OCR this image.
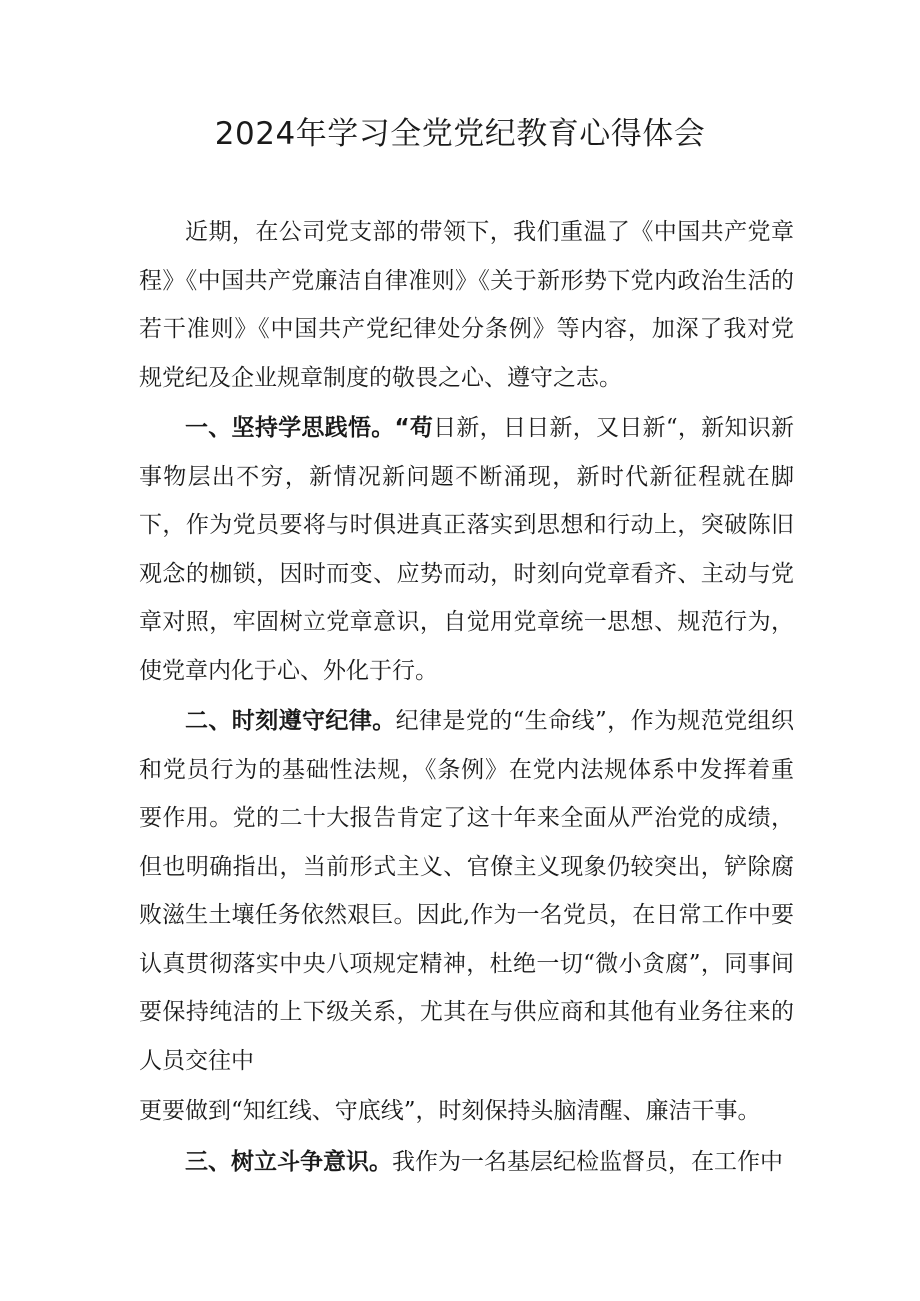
2024年学习全党党纪教育心得体会

近期，在公司党支部的带领下，我们重温了《中国共产党章程》《中国共产党廉洁自律准则》《关于新形势下党内政治生活的若干准则》《中国共产党纪律处分条例》等内容，加深了我对党规党纪及企业规章制度的敬畏之心、遵守之志。

一、坚持学思践悟。“苟日新，日日新，又日新“，新知识新事物层出不穷，新情况新问题不断涌现，新时代新征程就在脚下，作为党员要将与时俱进真正落实到思想和行动上，突破陈旧观念的枷锁，因时而变、应势而动，时刻向党章看齐、主动与党章对照，牢固树立党章意识，自觉用党章统一思想、规范行为，使党章内化于心、外化于行。

二、时刻遵守纪律。纪律是党的“生命线”，作为规范党组织和党员行为的基础性法规，《条例》在党内法规体系中发挥着重要作用。党的二十大报告肯定了这十年来全面从严治党的成绩，但也明确指出，当前形式主义、官僚主义现象仍较突出，铲除腐败滋生土壤任务依然艰巨。因此,作为一名党员，在日常工作中要认真贯彻落实中央八项规定精神，杜绝一切“微小贪腐”，同事间要保持纯洁的上下级关系，尤其在与供应商和其他有业务往来的人员交往中

更要做到“知红线、守底线”，时刻保持头脑清醒、廉洁干事。

三、树立斗争意识。我作为一名基层纪检监督员，在工作中
